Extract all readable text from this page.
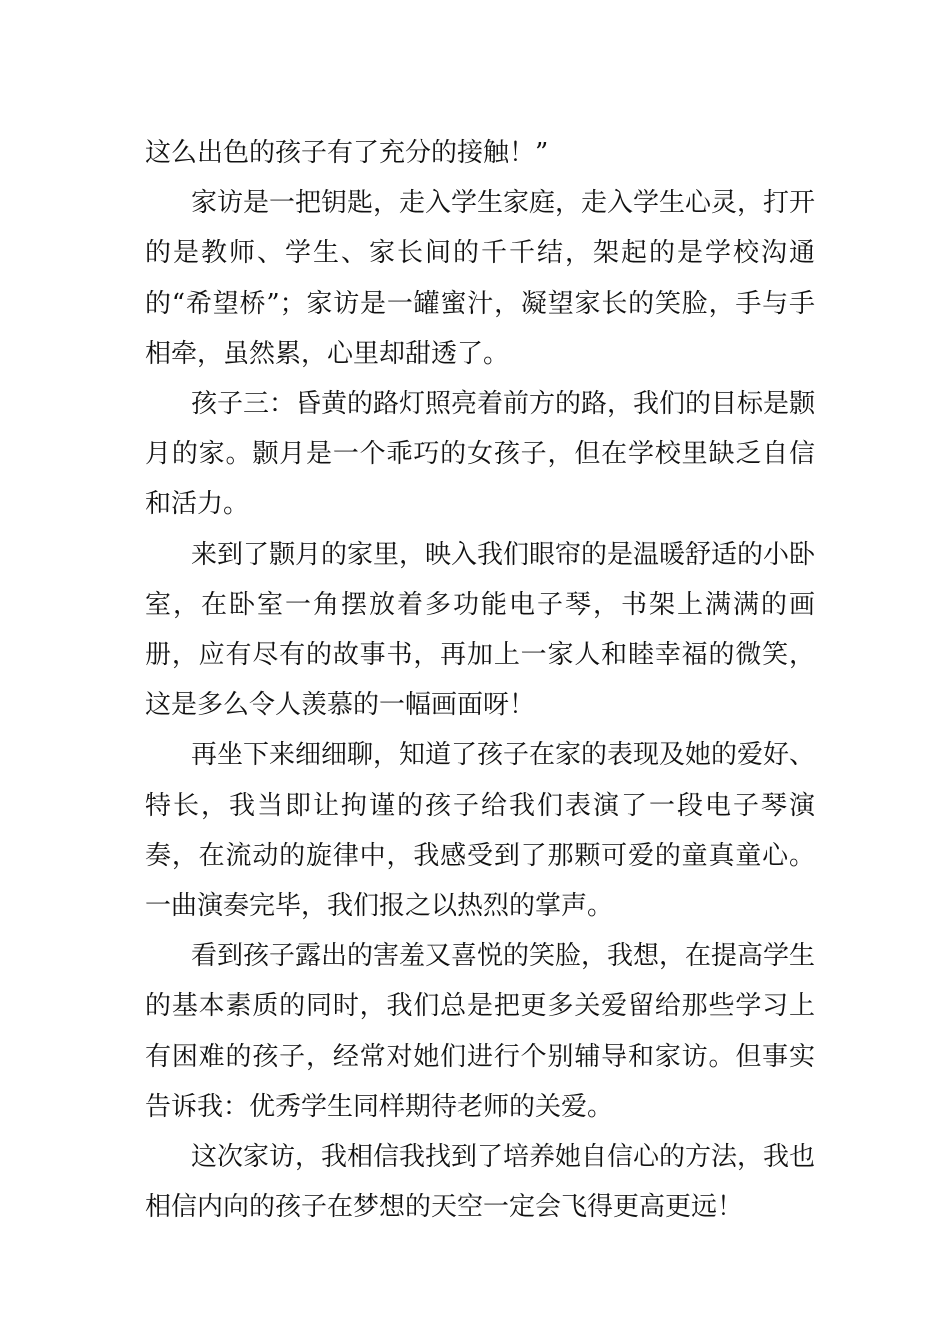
这么出色的孩子有了充分的接触！”

家访是一把钥匙，走入学生家庭，走入学生心灵，打开的是教师、学生、家长间的千千结，架起的是学校沟通的“希望桥”；家访是一罐蜜汁，凝望家长的笑脸，手与手相牵，虽然累，心里却甜透了。

孩子三：昏黄的路灯照亮着前方的路，我们的目标是颢月的家。颢月是一个乖巧的女孩子，但在学校里缺乏自信和活力。

来到了颢月的家里，映入我们眼帘的是温暖舒适的小卧室，在卧室一角摆放着多功能电子琴，书架上满满的画册，应有尽有的故事书，再加上一家人和睦幸福的微笑，这是多么令人羡慕的一幅画面呀！

再坐下来细细聊，知道了孩子在家的表现及她的爱好、特长，我当即让拘谨的孩子给我们表演了一段电子琴演奏，在流动的旋律中，我感受到了那颗可爱的童真童心。一曲演奏完毕，我们报之以热烈的掌声。

看到孩子露出的害羞又喜悦的笑脸，我想，在提高学生的基本素质的同时，我们总是把更多关爱留给那些学习上有困难的孩子，经常对她们进行个别辅导和家访。但事实告诉我：优秀学生同样期待老师的关爱。

这次家访，我相信我找到了培养她自信心的方法，我也相信内向的孩子在梦想的天空一定会飞得更高更远！
